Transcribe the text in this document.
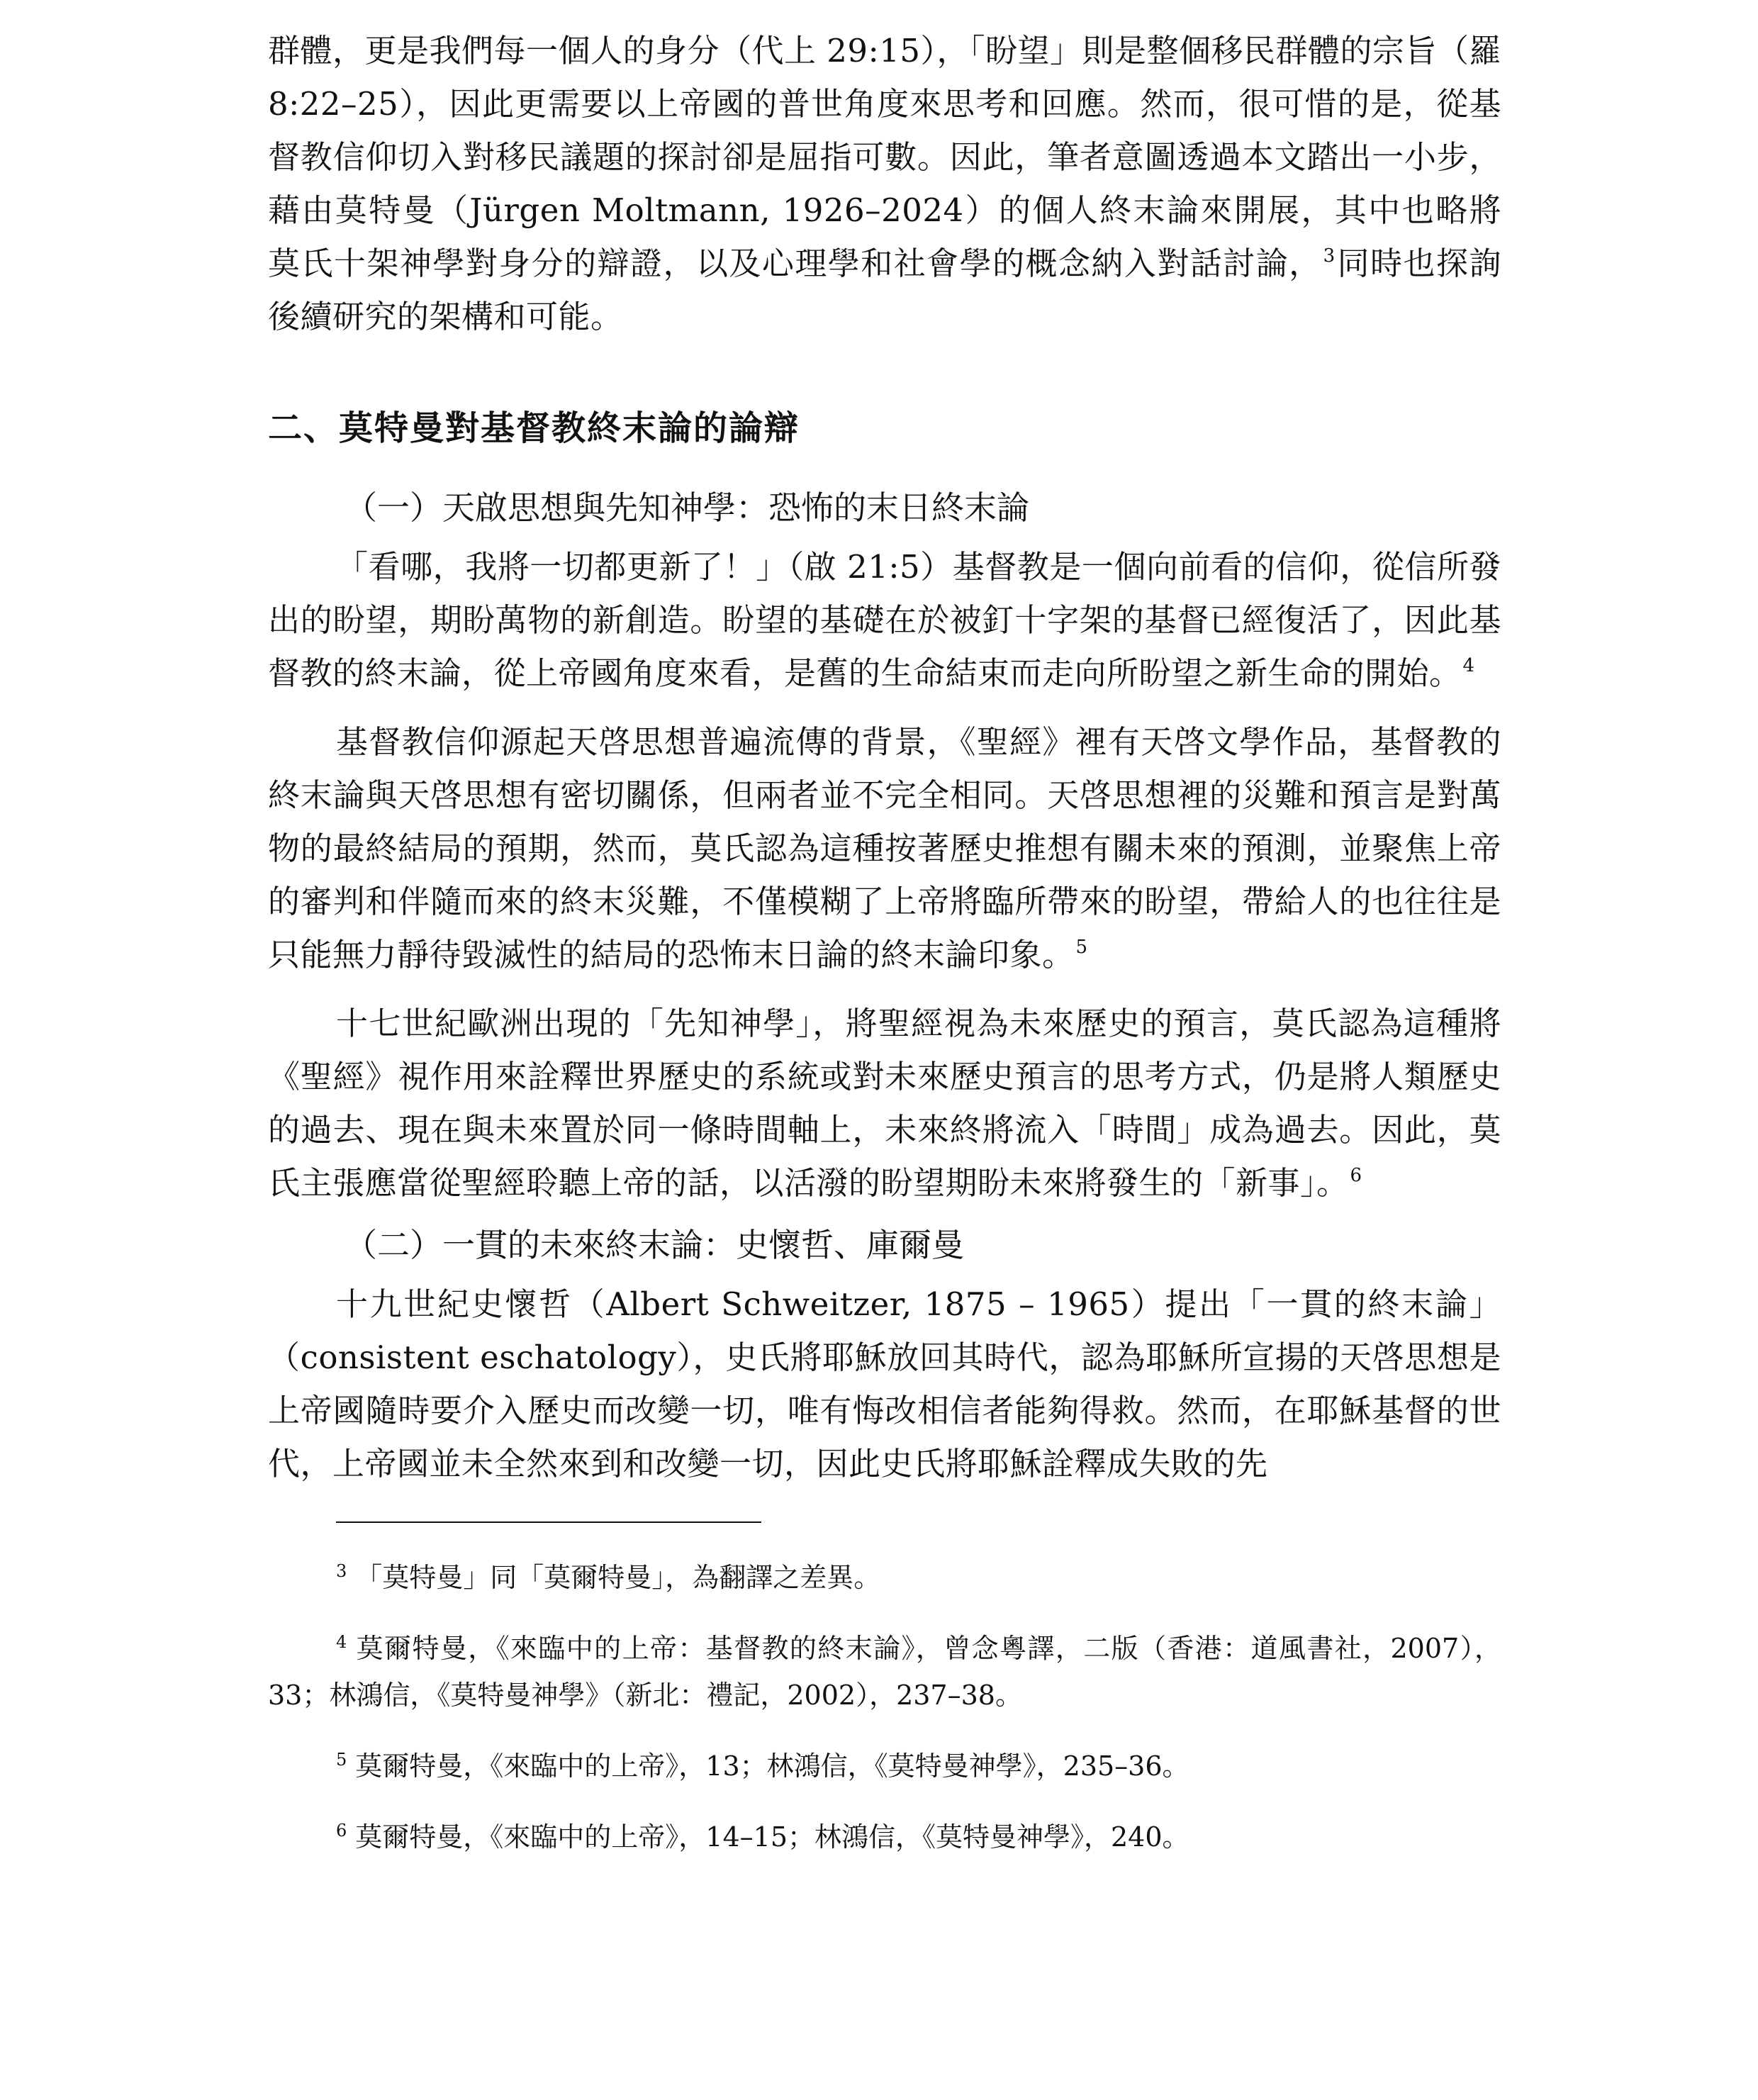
群體，更是我們每一個人的身分（代上 29:15），「盼望」則是整個移民群體的宗旨（羅 8:22–25），因此更需要以上帝國的普世角度來思考和回應。然而，很可惜的是，從基督教信仰切入對移民議題的探討卻是屈指可數。因此，筆者意圖透過本文踏出一小步，藉由莫特曼（Jürgen Moltmann, 1926–2024）的個人終末論來開展，其中也略將莫氏十架神學對身分的辯證，以及心理學和社會學的概念納入對話討論，$^3$同時也探詢後續研究的架構和可能。

二、莫特曼對基督教終末論的論辯
（一）天啟思想與先知神學：恐怖的末日終末論

「看哪，我將一切都更新了！」（啟 21:5）基督教是一個向前看的信仰，從信所發出的盼望，期盼萬物的新創造。盼望的基礎在於被釘十字架的基督已經復活了，因此基督教的終末論，從上帝國角度來看，是舊的生命結束而走向所盼望之新生命的開始。$^4$

基督教信仰源起天啓思想普遍流傳的背景，《聖經》裡有天啓文學作品，基督教的終末論與天啓思想有密切關係，但兩者並不完全相同。天啓思想裡的災難和預言是對萬物的最終結局的預期，然而，莫氏認為這種按著歷史推想有關未來的預測，並聚焦上帝的審判和伴隨而來的終末災難，不僅模糊了上帝將臨所帶來的盼望，帶給人的也往往是只能無力靜待毀滅性的結局的恐怖末日論的終末論印象。$^5$

十七世紀歐洲出現的「先知神學」，將聖經視為未來歷史的預言，莫氏認為這種將《聖經》視作用來詮釋世界歷史的系統或對未來歷史預言的思考方式，仍是將人類歷史的過去、現在與未來置於同一條時間軸上，未來終將流入「時間」成為過去。因此，莫氏主張應當從聖經聆聽上帝的話，以活潑的盼望期盼未來將發生的「新事」。$^6$

（二）一貫的未來終末論：史懷哲、庫爾曼

十九世紀史懷哲（Albert Schweitzer, 1875 – 1965）提出「一貫的終末論」（consistent eschatology），史氏將耶穌放回其時代，認為耶穌所宣揚的天啓思想是上帝國隨時要介入歷史而改變一切，唯有悔改相信者能夠得救。然而，在耶穌基督的世代，上帝國並未全然來到和改變一切，因此史氏將耶穌詮釋成失敗的先

$^3$ 「莫特曼」同「莫爾特曼」，為翻譯之差異。

$^4$ 莫爾特曼，《來臨中的上帝：基督教的終末論》，曾念粵譯，二版（香港：道風書社，2007），33；林鴻信，《莫特曼神學》（新北：禮記，2002），237–38。

$^5$ 莫爾特曼，《來臨中的上帝》，13；林鴻信，《莫特曼神學》，235–36。

$^6$ 莫爾特曼，《來臨中的上帝》，14–15；林鴻信，《莫特曼神學》，240。
